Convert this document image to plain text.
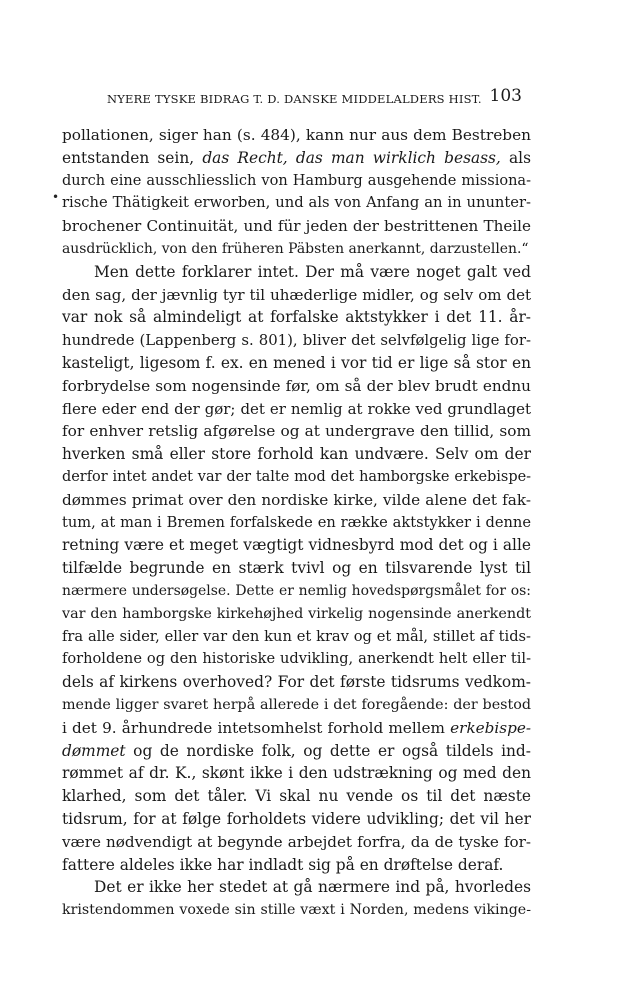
NYERE TYSKE BIDRAG T. D. DANSKE MIDDELALDERS HIST. 103
•
pollationen, siger han (s. 484), kann nur aus dem Bestreben
entstanden sein, das Recht, das man wirklich besass, als
durch eine ausschliesslich von Hamburg ausgehende missiona-
rische Thätigkeit erworben, und als von Anfang an in ununter-
brochener Continuität, und für jeden der bestrittenen Theile
ausdrücklich, von den früheren Päbsten anerkannt, darzustellen.“
Men dette forklarer intet. Der må være noget galt ved
den sag, der jævnlig tyr til uhæderlige midler, og selv om det
var nok så almindeligt at forfalske aktstykker i det 11. år-
hundrede (Lappenberg s. 801), bliver det selvfølgelig lige for-
kasteligt, ligesom f. ex. en mened i vor tid er lige så stor en
forbrydelse som nogensinde før, om så der blev brudt endnu
flere eder end der gør; det er nemlig at rokke ved grundlaget
for enhver retslig afgørelse og at undergrave den tillid, som
hverken små eller store forhold kan undvære. Selv om der
derfor intet andet var der talte mod det hamborgske erkebispe-
dømmes primat over den nordiske kirke, vilde alene det fak-
tum, at man i Bremen forfalskede en række aktstykker i denne
retning være et meget vægtigt vidnesbyrd mod det og i alle
tilfælde begrunde en stærk tvivl og en tilsvarende lyst til
nærmere undersøgelse. Dette er nemlig hovedspørgsmålet for os:
var den hamborgske kirkehøjhed virkelig nogensinde anerkendt
fra alle sider, eller var den kun et krav og et mål, stillet af tids-
forholdene og den historiske udvikling, anerkendt helt eller til-
dels af kirkens overhoved? For det første tidsrums vedkom-
mende ligger svaret herpå allerede i det foregående: der bestod
i det 9. århundrede intetsomhelst forhold mellem erkebispe-
dømmet og de nordiske folk, og dette er også tildels ind-
rømmet af dr. K., skønt ikke i den udstrækning og med den
klarhed, som det tåler. Vi skal nu vende os til det næste
tidsrum, for at følge forholdets videre udvikling; det vil her
være nødvendigt at begynde arbejdet forfra, da de tyske for-
fattere aldeles ikke har indladt sig på en drøftelse deraf.
Det er ikke her stedet at gå nærmere ind på, hvorledes
kristendommen voxede sin stille væxt i Norden, medens vikinge-
